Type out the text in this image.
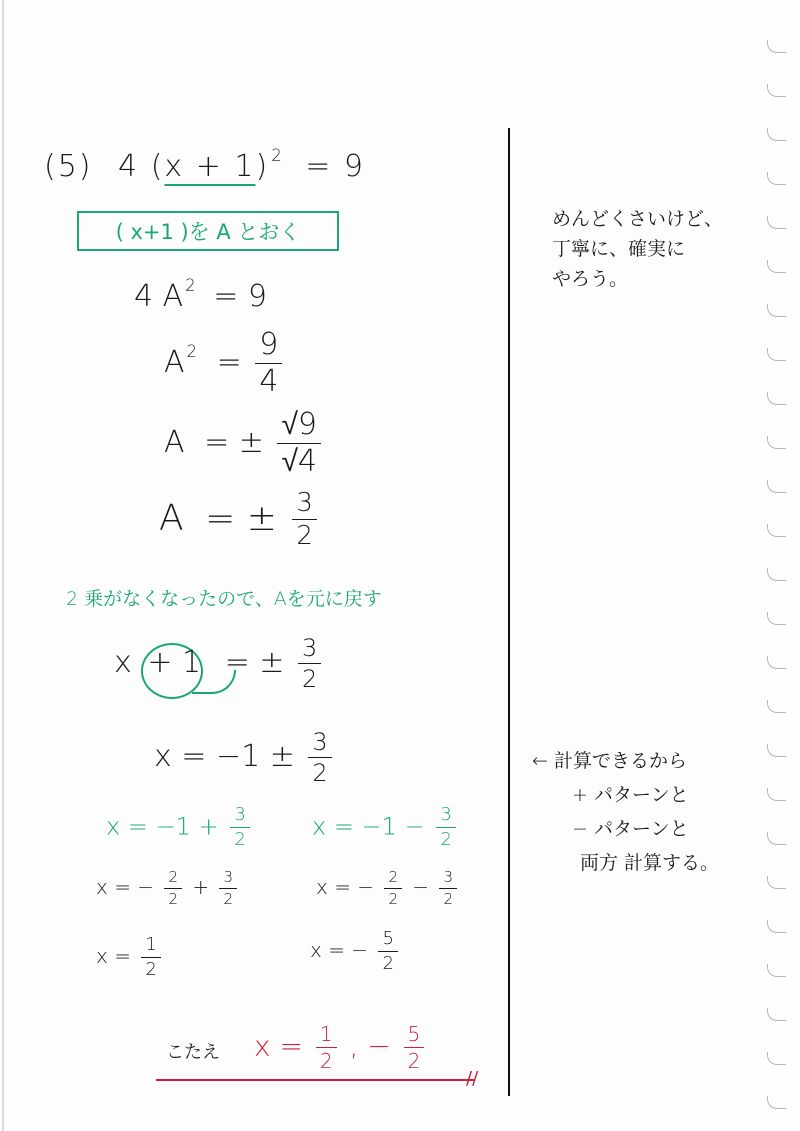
(5) 4 (x + 1) $^2$ = 9
( x+1 )を A とおく
4 A $^2$ = 9
A $^2 = \frac{9}{4}$
A = ± $\frac{√9}{√4}$
A = ± $\frac{3}{2}$
2 乗がなくなったので、Aを元に戻す
x + 1 = ± $\frac{3}{2}$
$x = -1 \pm \frac{3}{2}$
$x = -1 + \frac{3}{2}$	$x = -1 - \frac{3}{2}$
x = − $\frac{2}{2} + \frac{3}{2}$	x = − $\frac{2}{2} - \frac{3}{2}$
$x = \frac{1}{2}$	x = − $\frac{5}{2}$
こたえ $x = \frac{1}{2}$ , − $\frac{5}{2}$
//
めんどくさいけど、
丁寧に、確実に
やろう。
← 計算できるから
+ パターンと
− パターンと
両方 計算する。
